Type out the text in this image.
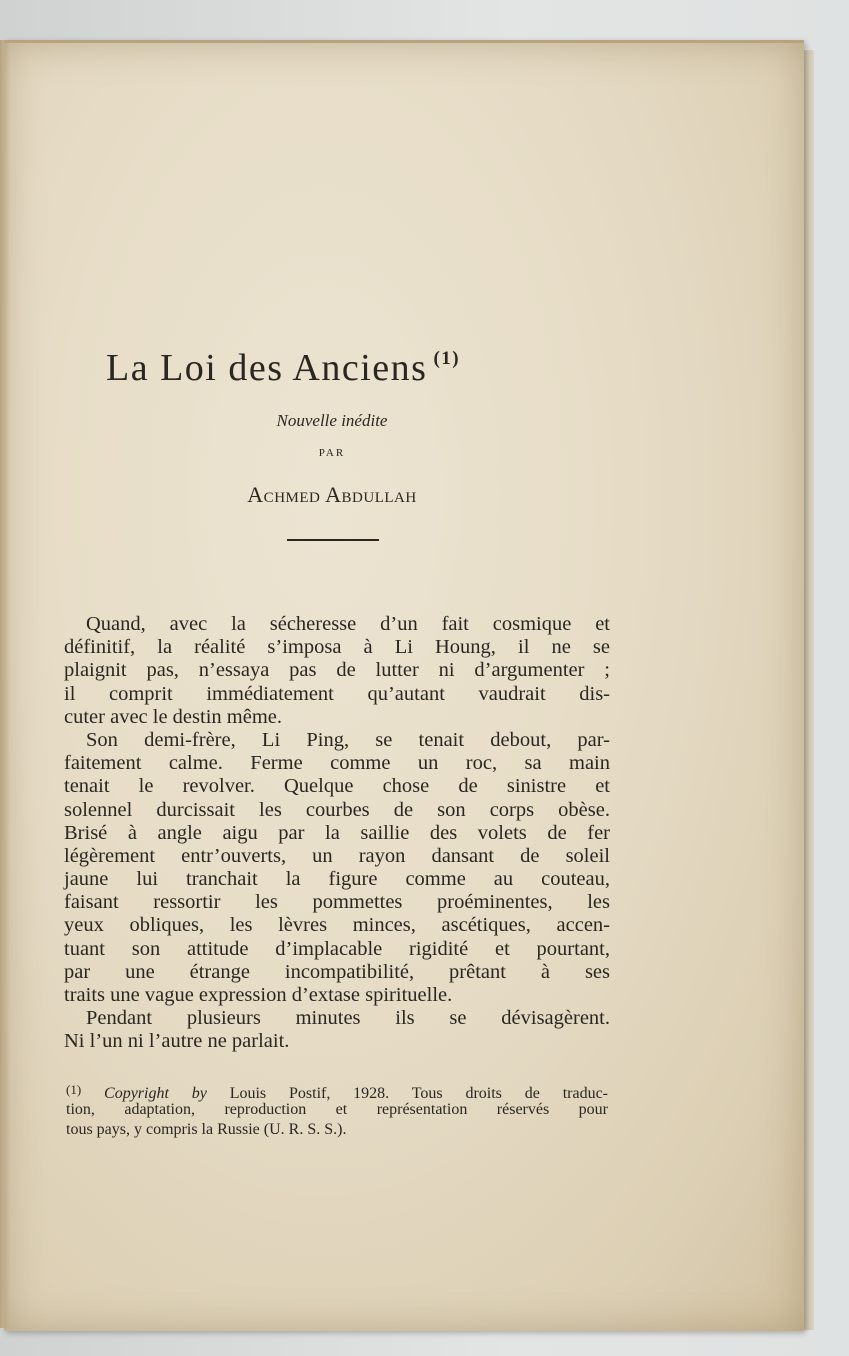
La Loi des Anciens $^{(1)}$
Nouvelle inédite
PAR
Achmed Abdullah
Quand, avec la sécheresse d’un fait cosmique et
définitif, la réalité s’imposa à Li Houng, il ne se
plaignit pas, n’essaya pas de lutter ni d’argumenter ;
il comprit immédiatement qu’autant vaudrait dis-
cuter avec le destin même.
Son demi-frère, Li Ping, se tenait debout, par-
faitement calme. Ferme comme un roc, sa main
tenait le revolver. Quelque chose de sinistre et
solennel durcissait les courbes de son corps obèse.
Brisé à angle aigu par la saillie des volets de fer
légèrement entr’ouverts, un rayon dansant de soleil
jaune lui tranchait la figure comme au couteau,
faisant ressortir les pommettes proéminentes, les
yeux obliques, les lèvres minces, ascétiques, accen-
tuant son attitude d’implacable rigidité et pourtant,
par une étrange incompatibilité, prêtant à ses
traits une vague expression d’extase spirituelle.
Pendant plusieurs minutes ils se dévisagèrent.
Ni l’un ni l’autre ne parlait.
$^{(1)}$ Copyright by Louis Postif, 1928. Tous droits de traduc-
tion, adaptation, reproduction et représentation réservés pour
tous pays, y compris la Russie (U. R. S. S.).
